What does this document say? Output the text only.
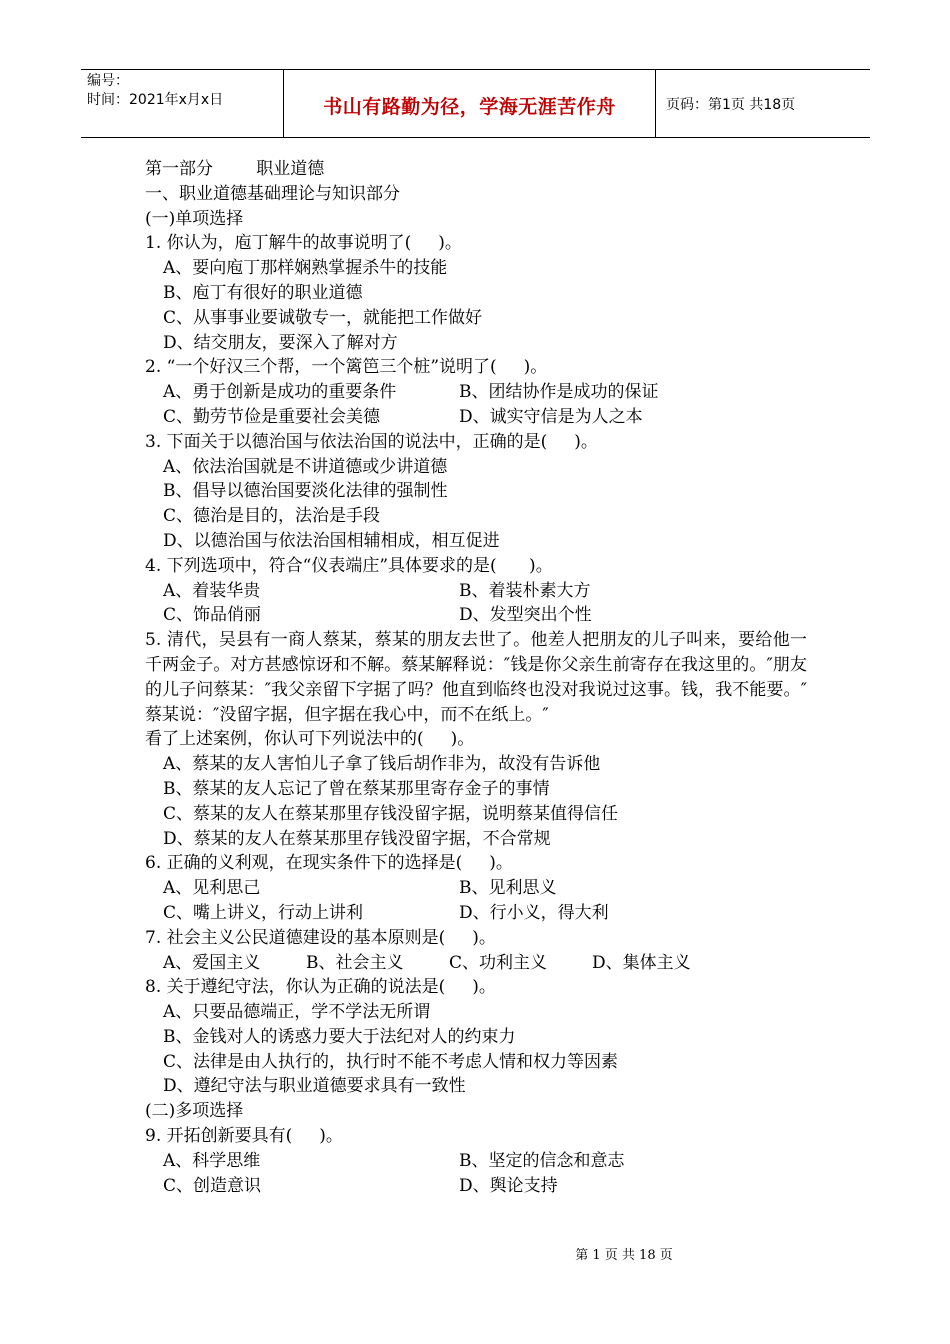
编号：
时间：2021年x月x日	书山有路勤为径，学海无涯苦作舟	页码：第1页 共18页
第一部分        职业道德
一、职业道德基础理论与知识部分
(一)单项选择
1. 你认为，庖丁解牛的故事说明了(     )。
A、要向庖丁那样娴熟掌握杀牛的技能
B、庖丁有很好的职业道德
C、从事事业要诚敬专一，就能把工作做好
D、结交朋友，要深入了解对方
2. “一个好汉三个帮，一个篱笆三个桩”说明了(     )。
A、勇于创新是成功的重要条件	B、团结协作是成功的保证
C、勤劳节俭是重要社会美德	D、诚实守信是为人之本
3. 下面关于以德治国与依法治国的说法中，正确的是(     )。
A、依法治国就是不讲道德或少讲道德
B、倡导以德治国要淡化法律的强制性
C、德治是目的，法治是手段
D、以德治国与依法治国相辅相成，相互促进
4. 下列选项中，符合“仪表端庄”具体要求的是(      )。
A、着装华贵	B、着装朴素大方
C、饰品俏丽	D、发型突出个性
5. 清代，吴县有一商人蔡某，蔡某的朋友去世了。他差人把朋友的儿子叫来，要给他一千两金子。对方甚感惊讶和不解。蔡某解释说：″钱是你父亲生前寄存在我这里的。″朋友的儿子问蔡某：″我父亲留下字据了吗？他直到临终也没对我说过这事。钱，我不能要。″蔡某说：″没留字据，但字据在我心中，而不在纸上。″
看了上述案例，你认可下列说法中的(     )。
A、蔡某的友人害怕儿子拿了钱后胡作非为，故没有告诉他
B、蔡某的友人忘记了曾在蔡某那里寄存金子的事情
C、蔡某的友人在蔡某那里存钱没留字据，说明蔡某值得信任
D、蔡某的友人在蔡某那里存钱没留字据，不合常规
6. 正确的义利观，在现实条件下的选择是(     )。
A、见利思己	B、见利思义
C、嘴上讲义，行动上讲利	D、行小义，得大利
7. 社会主义公民道德建设的基本原则是(     )。
A、爱国主义	B、社会主义	C、功利主义	D、集体主义
8. 关于遵纪守法，你认为正确的说法是(     )。
A、只要品德端正，学不学法无所谓
B、金钱对人的诱惑力要大于法纪对人的约束力
C、法律是由人执行的，执行时不能不考虑人情和权力等因素
D、遵纪守法与职业道德要求具有一致性
(二)多项选择
9. 开拓创新要具有(     )。
A、科学思维	B、坚定的信念和意志
C、创造意识	D、舆论支持
第 1 页 共 18 页
